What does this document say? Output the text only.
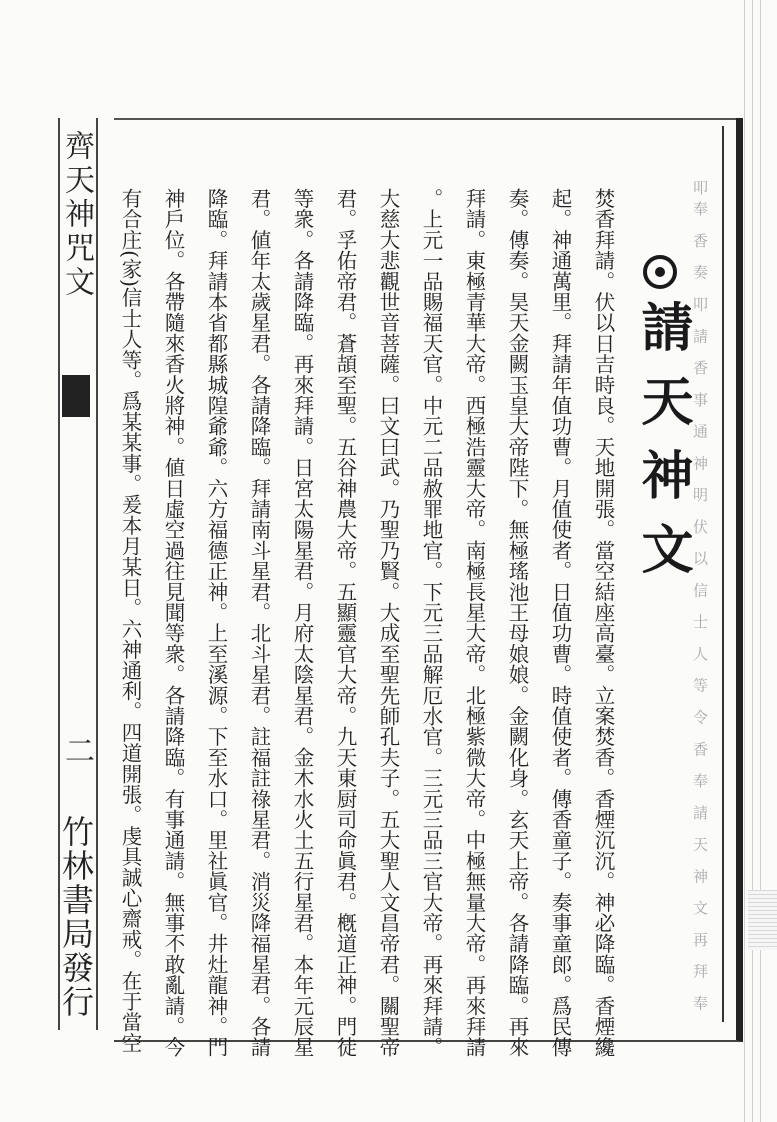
齊天神咒文
二
竹林書局發行	叩奉 香 奏 叩 請 香 事 通 神 明 伏 以 信 士 人 等 令 香 奉 請 天 神 文 再 拜 奉
請天神文
焚香拜請。伏以日吉時良。天地開張。當空結座高臺。立案焚香。香煙沉沉。神必降臨。香煙纔
起。神通萬里。拜請年值功曹。月值使者。日值功曹。時值使者。傳香童子。奏事童郎。爲民傳
奏。傳奏。昊天金闕玉皇大帝陛下。無極瑤池王母娘娘。金闕化身。玄天上帝。各請降臨。再來
拜請。東極青華大帝。西極浩靈大帝。南極長星大帝。北極紫微大帝。中極無量大帝。再來拜請
。上元一品賜福天官。中元二品赦罪地官。下元三品解厄水官。三元三品三官大帝。再來拜請。
大慈大悲觀世音菩薩。曰文曰武。乃聖乃賢。大成至聖先師孔夫子。五大聖人文昌帝君。關聖帝
君。孚佑帝君。蒼頡至聖。五谷神農大帝。五顯靈官大帝。九天東厨司命眞君。槪道正神。門徒
等衆。各請降臨。再來拜請。日宮太陽星君。月府太陰星君。金木水火土五行星君。本年元辰星
君。値年太歲星君。各請降臨。拜請南斗星君。北斗星君。註福註祿星君。消災降福星君。各請
降臨。拜請本省都縣城隍爺爺。六方福德正神。上至溪源。下至水口。里社眞官。井灶龍神。門
神戶位。各帶隨來香火將神。値日虛空過往見聞等衆。各請降臨。有事通請。無事不敢亂請。今
有合庄(家)信士人等。爲某某事。爰本月某日。六神通利。四道開張。虔具誠心齋戒。在于當空
